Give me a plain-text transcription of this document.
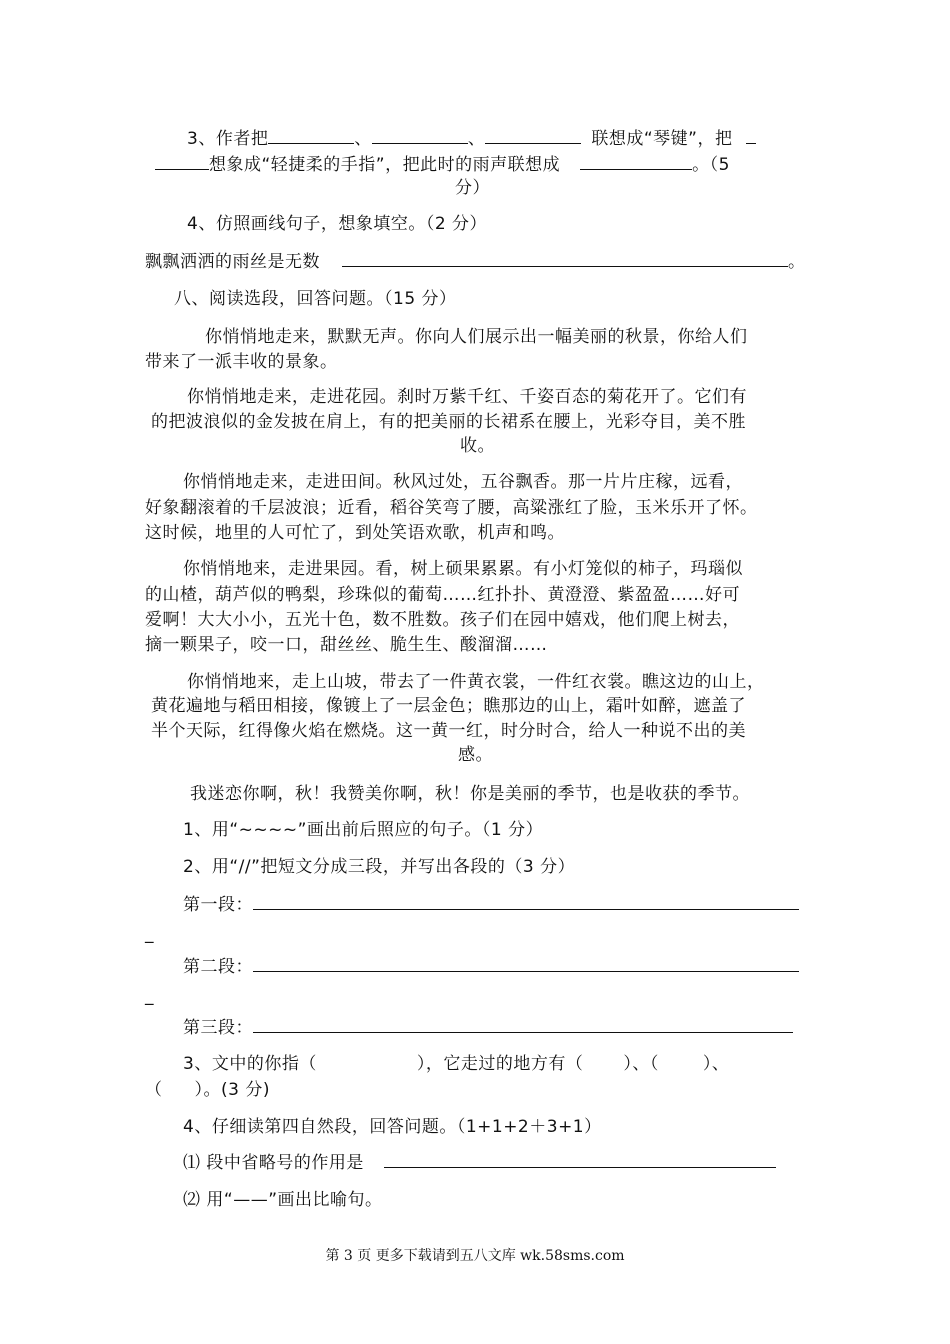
3、作者把	、	、	联想成“琴键”，把
想象成“轻捷柔的手指”，把此时的雨声联想成	。（5
分）
4、仿照画线句子，想象填空。（2 分）
飘飘洒洒的雨丝是无数	。
八、阅读选段，回答问题。（15 分）
你悄悄地走来，默默无声。你向人们展示出一幅美丽的秋景，你给人们
带来了一派丰收的景象。
你悄悄地走来，走进花园。刹时万紫千红、千姿百态的菊花开了。它们有
的把波浪似的金发披在肩上，有的把美丽的长裙系在腰上，光彩夺目，美不胜
收。
你悄悄地走来，走进田间。秋风过处，五谷飘香。那一片片庄稼，远看，
好象翻滚着的千层波浪；近看，稻谷笑弯了腰，高粱涨红了脸，玉米乐开了怀。
这时候，地里的人可忙了，到处笑语欢歌，机声和鸣。
你悄悄地来，走进果园。看，树上硕果累累。有小灯笼似的柿子，玛瑙似
的山楂，葫芦似的鸭梨，珍珠似的葡萄……红扑扑、黄澄澄、紫盈盈……好可
爱啊！大大小小，五光十色，数不胜数。孩子们在园中嬉戏，他们爬上树去，
摘一颗果子，咬一口，甜丝丝、脆生生、酸溜溜……
你悄悄地来，走上山坡，带去了一件黄衣裳，一件红衣裳。瞧这边的山上，
黄花遍地与稻田相接，像镀上了一层金色；瞧那边的山上，霜叶如醉，遮盖了
半个天际，红得像火焰在燃烧。这一黄一红，时分时合，给人一种说不出的美
感。
我迷恋你啊，秋！我赞美你啊，秋！你是美丽的季节，也是收获的季节。
1、用“~~~~”画出前后照应的句子。（1 分）
2、用“//”把短文分成三段，并写出各段的（3 分）
第一段：
_
第二段：
_
第三段：
3、文中的你指（	），它走过的地方有（ ）、（	）、
（ ）。(3 分)
4、仔细读第四自然段，回答问题。（1+1+2＋3+1）
⑴ 段中省略号的作用是
⑵ 用“——”画出比喻句。
第 3 页 更多下载请到五八文库 wk.58sms.com
